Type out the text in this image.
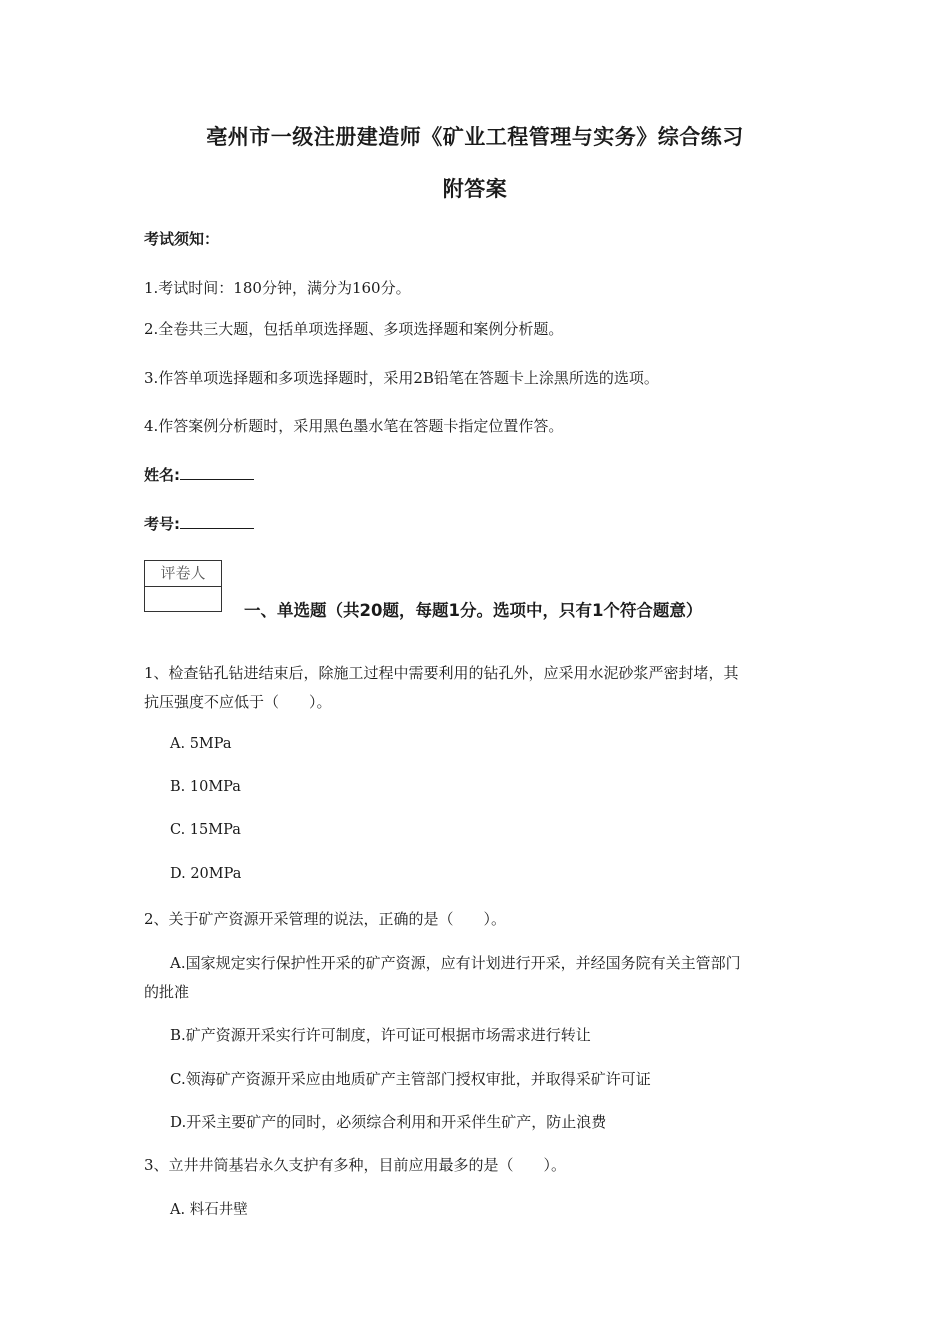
亳州市一级注册建造师《矿业工程管理与实务》综合练习
附答案
考试须知：
1.考试时间：180分钟，满分为160分。
2.全卷共三大题，包括单项选择题、多项选择题和案例分析题。
3.作答单项选择题和多项选择题时，采用2B铅笔在答题卡上涂黑所选的选项。
4.作答案例分析题时，采用黑色墨水笔在答题卡指定位置作答。
姓名:
考号:
评卷人
一、单选题（共20题，每题1分。选项中，只有1个符合题意）
1、检查钻孔钻进结束后，除施工过程中需要利用的钻孔外，应采用水泥砂浆严密封堵，其
抗压强度不应低于（　　）。
A. 5MPa
B. 10MPa
C. 15MPa
D. 20MPa
2、关于矿产资源开采管理的说法，正确的是（　　）。
A.国家规定实行保护性开采的矿产资源，应有计划进行开采，并经国务院有关主管部门
的批准
B.矿产资源开采实行许可制度，许可证可根据市场需求进行转让
C.领海矿产资源开采应由地质矿产主管部门授权审批，并取得采矿许可证
D.开采主要矿产的同时，必须综合利用和开采伴生矿产，防止浪费
3、立井井筒基岩永久支护有多种，目前应用最多的是（　　）。
A. 料石井壁
